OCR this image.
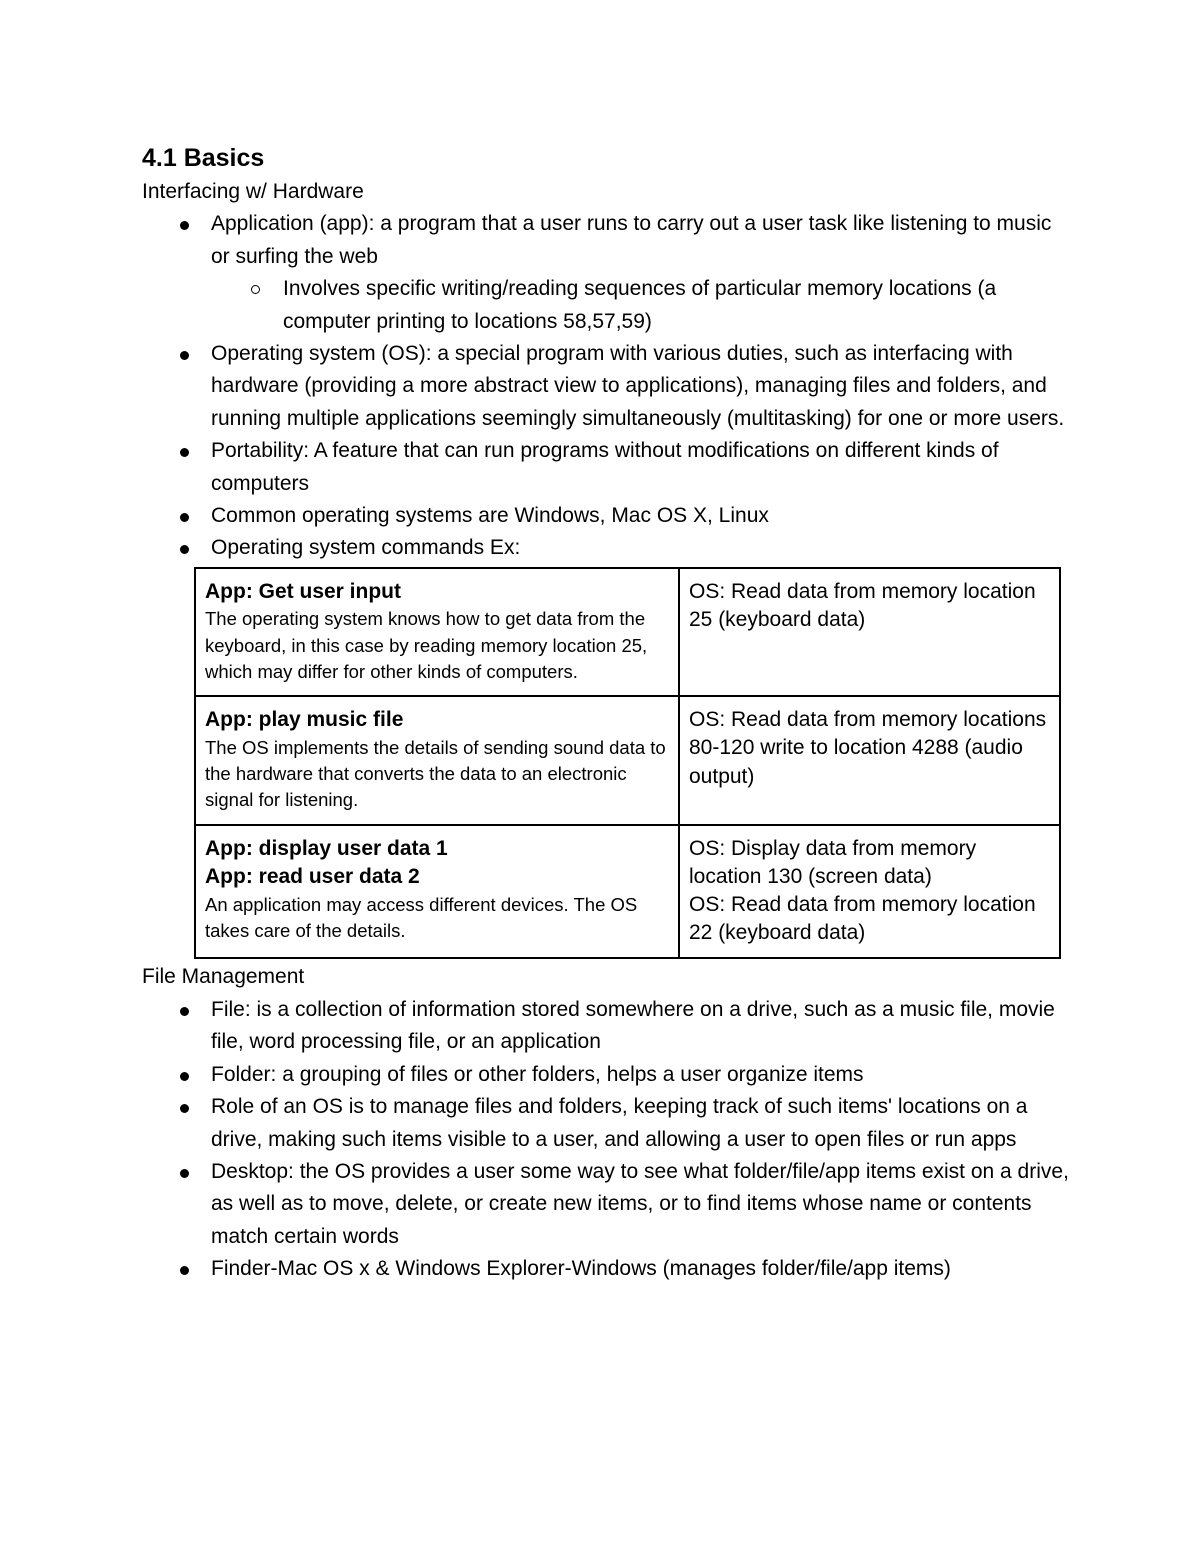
4.1 Basics

Interfacing w/ Hardware

Application (app): a program that a user runs to carry out a user task like listening to music or surfing the web
Involves specific writing/reading sequences of particular memory locations (a computer printing to locations 58,57,59)
Operating system (OS): a special program with various duties, such as interfacing with hardware (providing a more abstract view to applications), managing files and folders, and running multiple applications seemingly simultaneously (multitasking) for one or more users.
Portability: A feature that can run programs without modifications on different kinds of computers
Common operating systems are Windows, Mac OS X, Linux
Operating system commands Ex:
App: Get user input
The operating system knows how to get data from the keyboard, in this case by reading memory location 25, which may differ for other kinds of computers.	OS: Read data from memory location 25 (keyboard data)

App: play music file
The OS implements the details of sending sound data to the hardware that converts the data to an electronic signal for listening.	OS: Read data from memory locations 80-120 write to location 4288 (audio output)

App: display user data 1
App: read user data 2
An application may access different devices. The OS takes care of the details.	OS: Display data from memory location 130 (screen data)
OS: Read data from memory location 22 (keyboard data)

File Management

File: is a collection of information stored somewhere on a drive, such as a music file, movie file, word processing file, or an application
Folder: a grouping of files or other folders, helps a user organize items
Role of an OS is to manage files and folders, keeping track of such items' locations on a drive, making such items visible to a user, and allowing a user to open files or run apps
Desktop: the OS provides a user some way to see what folder/file/app items exist on a drive, as well as to move, delete, or create new items, or to find items whose name or contents match certain words
Finder-Mac OS x & Windows Explorer-Windows (manages folder/file/app items)
